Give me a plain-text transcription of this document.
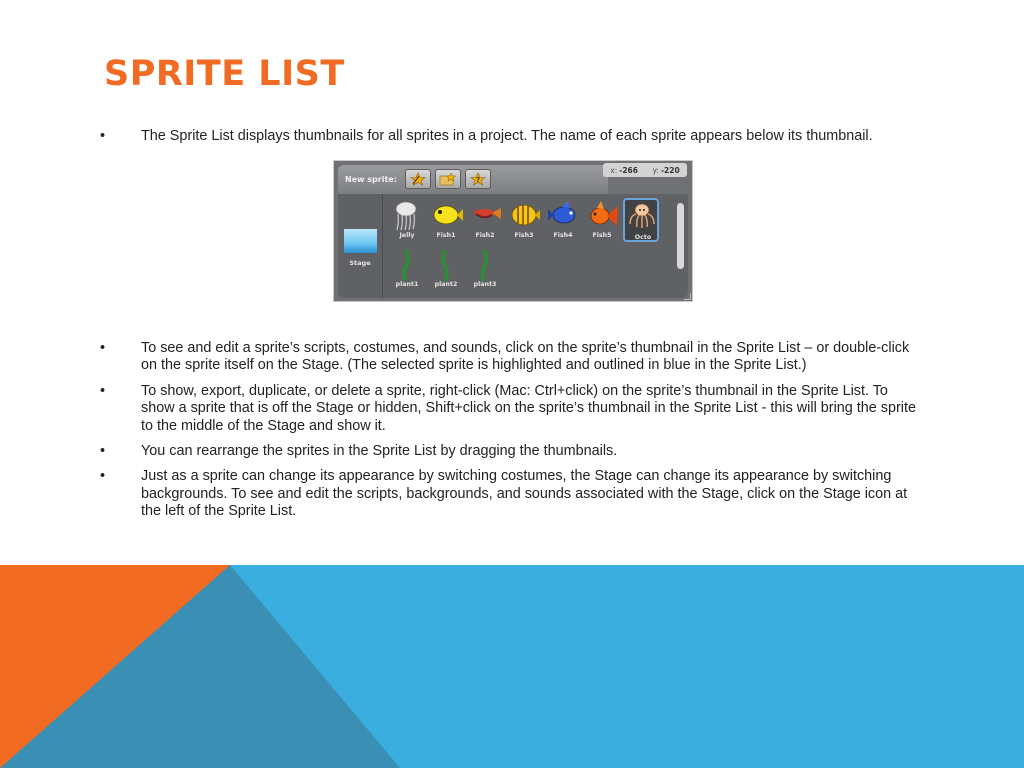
SPRITE LIST
• The Sprite List displays thumbnails for all sprites in a project. The name of each sprite appears below its thumbnail.
New sprite:	?
x: -266 y: -220
Stage
Jelly	Fish1	Fish2	Fish3	Fish4	Fish5	Octo
plant1	plant2	plant3
• To see and edit a sprite’s scripts, costumes, and sounds, click on the sprite’s thumbnail in the Sprite List – or double-click on the sprite itself on the Stage. (The selected sprite is highlighted and outlined in blue in the Sprite List.)
• To show, export, duplicate, or delete a sprite, right-click (Mac: Ctrl+click) on the sprite’s thumbnail in the Sprite List. To show a sprite that is off the Stage or hidden, Shift+click on the sprite’s thumbnail in the Sprite List - this will bring the sprite to the middle of the Stage and show it.
• You can rearrange the sprites in the Sprite List by dragging the thumbnails.
• Just as a sprite can change its appearance by switching costumes, the Stage can change its appearance by switching backgrounds. To see and edit the scripts, backgrounds, and sounds associated with the Stage, click on the Stage icon at the left of the Sprite List.
